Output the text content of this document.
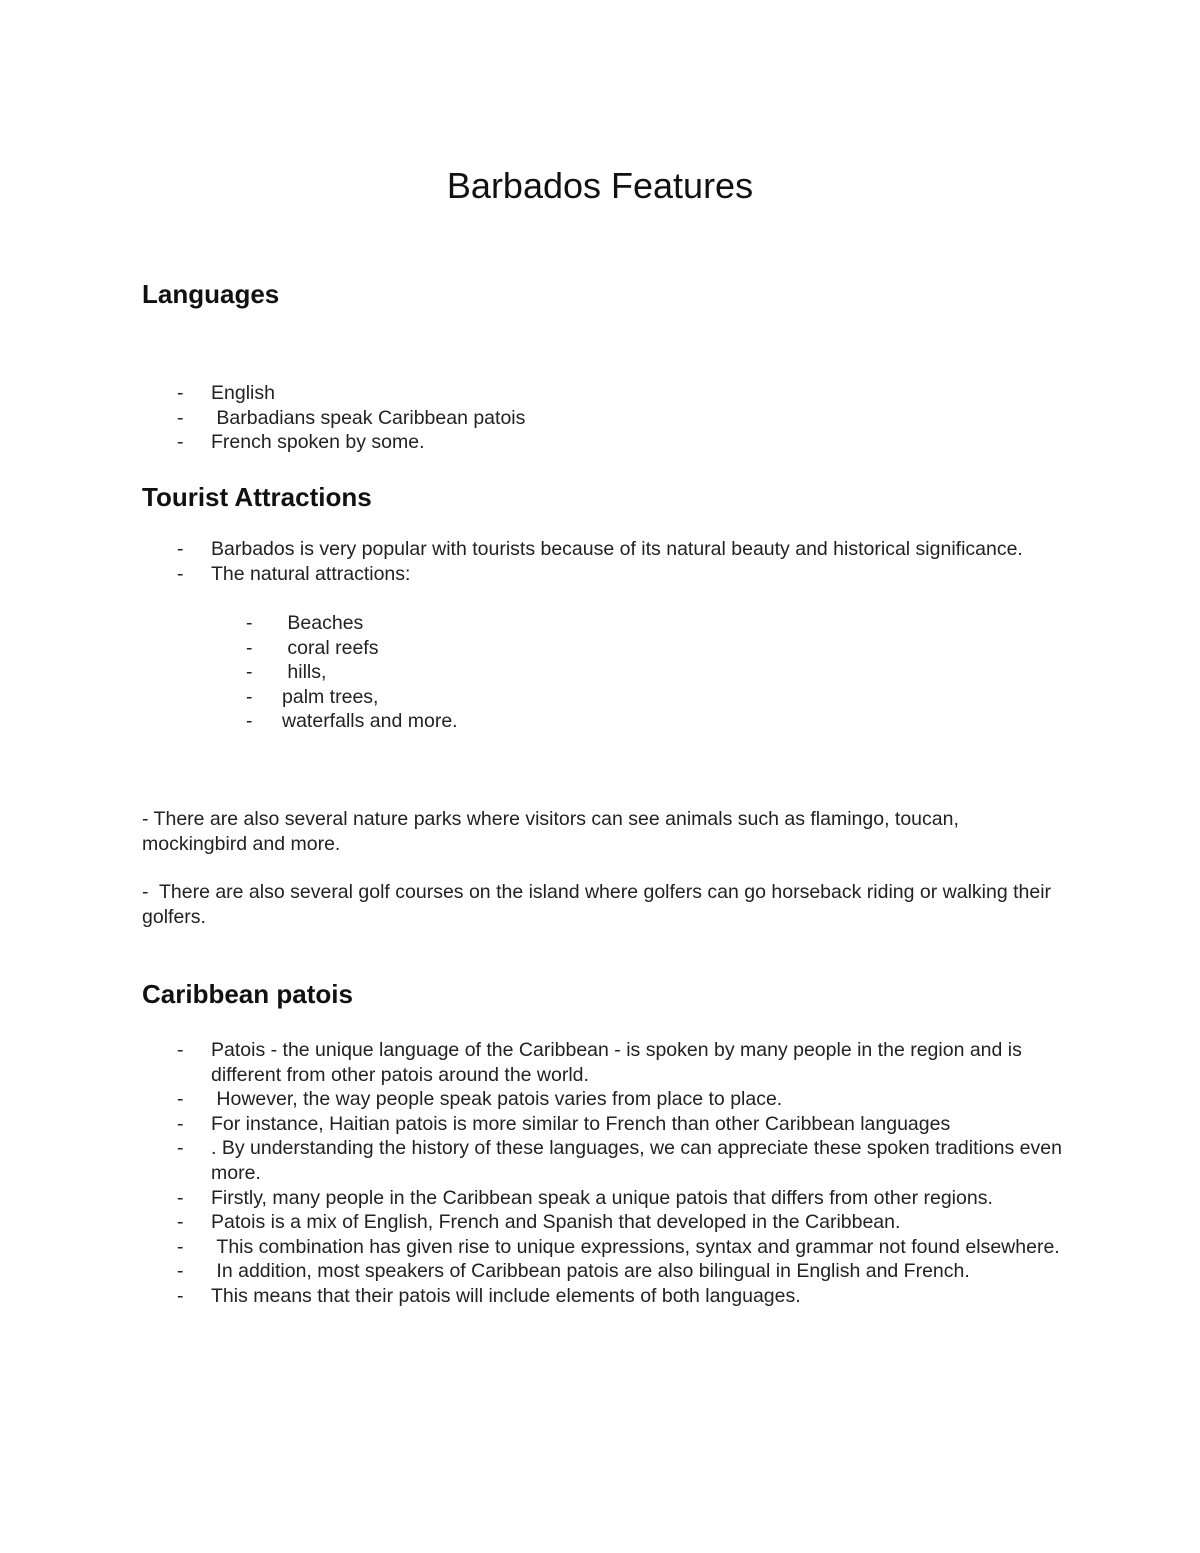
Barbados Features
Languages
- English
- Barbadians speak Caribbean patois
- French spoken by some.
Tourist Attractions
- Barbados is very popular with tourists because of its natural beauty and historical significance.
- The natural attractions:
- Beaches
- coral reefs
- hills,
- palm trees,
- waterfalls and more.
- There are also several nature parks where visitors can see animals such as flamingo, toucan, mockingbird and more.
-  There are also several golf courses on the island where golfers can go horseback riding or walking their golfers.
Caribbean patois
- Patois - the unique language of the Caribbean - is spoken by many people in the region and is different from other patois around the world.
- However, the way people speak patois varies from place to place.
- For instance, Haitian patois is more similar to French than other Caribbean languages
- . By understanding the history of these languages, we can appreciate these spoken traditions even more.
- Firstly, many people in the Caribbean speak a unique patois that differs from other regions.
- Patois is a mix of English, French and Spanish that developed in the Caribbean.
- This combination has given rise to unique expressions, syntax and grammar not found elsewhere.
- In addition, most speakers of Caribbean patois are also bilingual in English and French.
- This means that their patois will include elements of both languages.
